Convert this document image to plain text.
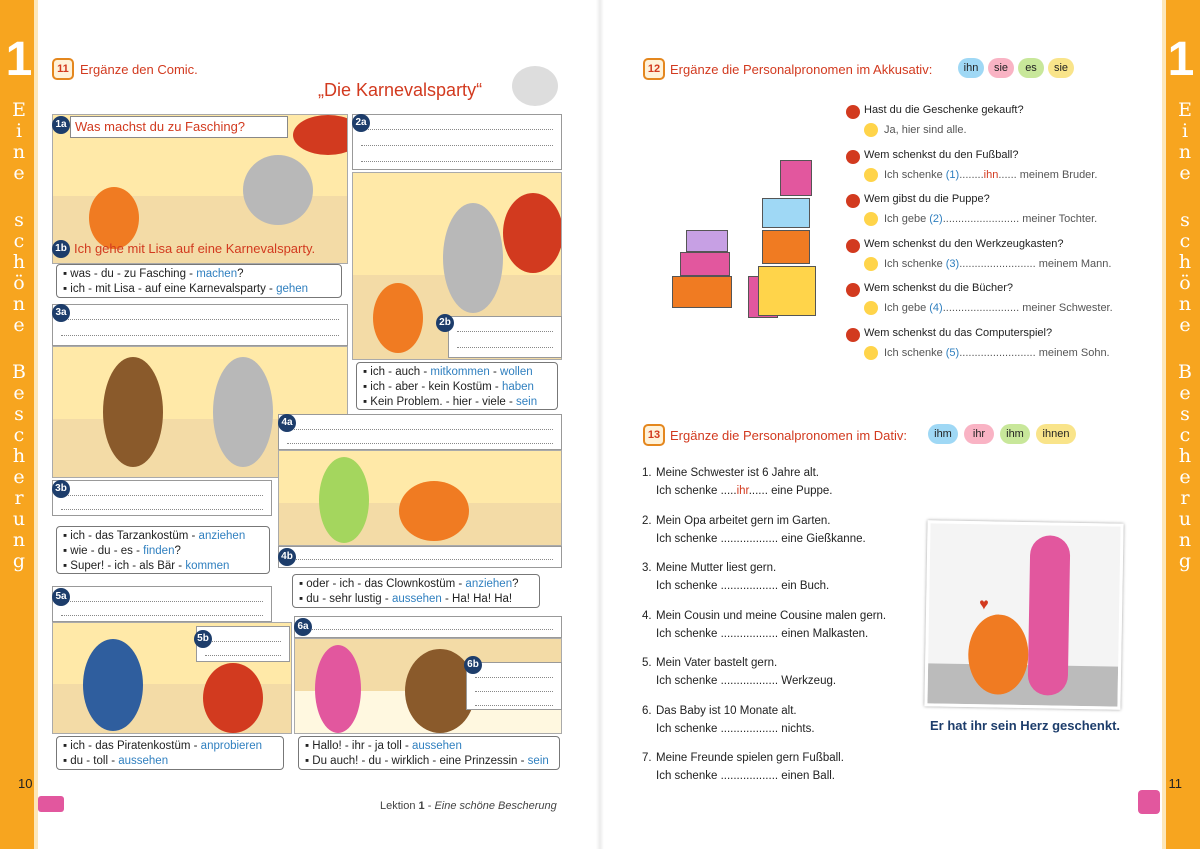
1
E
i
n
e
s
c
h
ö
n
e
B
e
s
c
h
e
r
u
n
g
1
E
i
n
e
s
c
h
ö
n
e
B
e
s
c
h
e
r
u
n
g
10	11
Lektion 1 - Eine schöne Bescherung
11 Ergänze den Comic.
„Die Karnevalsparty“
1a Was machst du zu Fasching?
1b Ich gehe mit Lisa auf eine Karnevalsparty.
▪ was - du - zu Fasching - machen?
▪ ich - mit Lisa - auf eine Karnevalsparty - gehen
2a
2b
▪ ich - auch - mitkommen - wollen
▪ ich - aber - kein Kostüm - haben
▪ Kein Problem. - hier - viele - sein
3a
3b
▪ ich - das Tarzankostüm - anziehen
▪ wie - du - es - finden?
▪ Super! - ich - als Bär - kommen
4a
4b
▪ oder - ich - das Clownkostüm - anziehen?
▪ du - sehr lustig - aussehen - Ha! Ha! Ha!
5a
5b
▪ ich - das Piratenkostüm - anprobieren
▪ du - toll - aussehen
6a
6b
▪ Hallo! - ihr - ja toll - aussehen
▪ Du auch! - du - wirklich - eine Prinzessin - sein
12 Ergänze die Personalpronomen im Akkusativ:	ihn	sie	es	sie
Hast du die Geschenke gekauft?
Ja, hier sind alle.
Wem schenkst du den Fußball?
Ich schenke (1)........ihn...... meinem Bruder.
Wem gibst du die Puppe?
Ich gebe (2)......................... meiner Tochter.
Wem schenkst du den Werkzeugkasten?
Ich schenke (3)......................... meinem Mann.
Wem schenkst du die Bücher?
Ich gebe (4)......................... meiner Schwester.
Wem schenkst du das Computerspiel?
Ich schenke (5)......................... meinem Sohn.
13 Ergänze die Personalpronomen im Dativ:	ihm	ihr	ihm	ihnen
1. Meine Schwester ist 6 Jahre alt.
Ich schenke .....ihr...... eine Puppe.
2. Mein Opa arbeitet gern im Garten.
Ich schenke .................. eine Gießkanne.
3. Meine Mutter liest gern.
Ich schenke .................. ein Buch.
4. Mein Cousin und meine Cousine malen gern.
Ich schenke .................. einen Malkasten.
5. Mein Vater bastelt gern.
Ich schenke .................. Werkzeug.
6. Das Baby ist 10 Monate alt.
Ich schenke .................. nichts.
7. Meine Freunde spielen gern Fußball.
Ich schenke .................. einen Ball.
♥
Er hat ihr sein Herz geschenkt.
